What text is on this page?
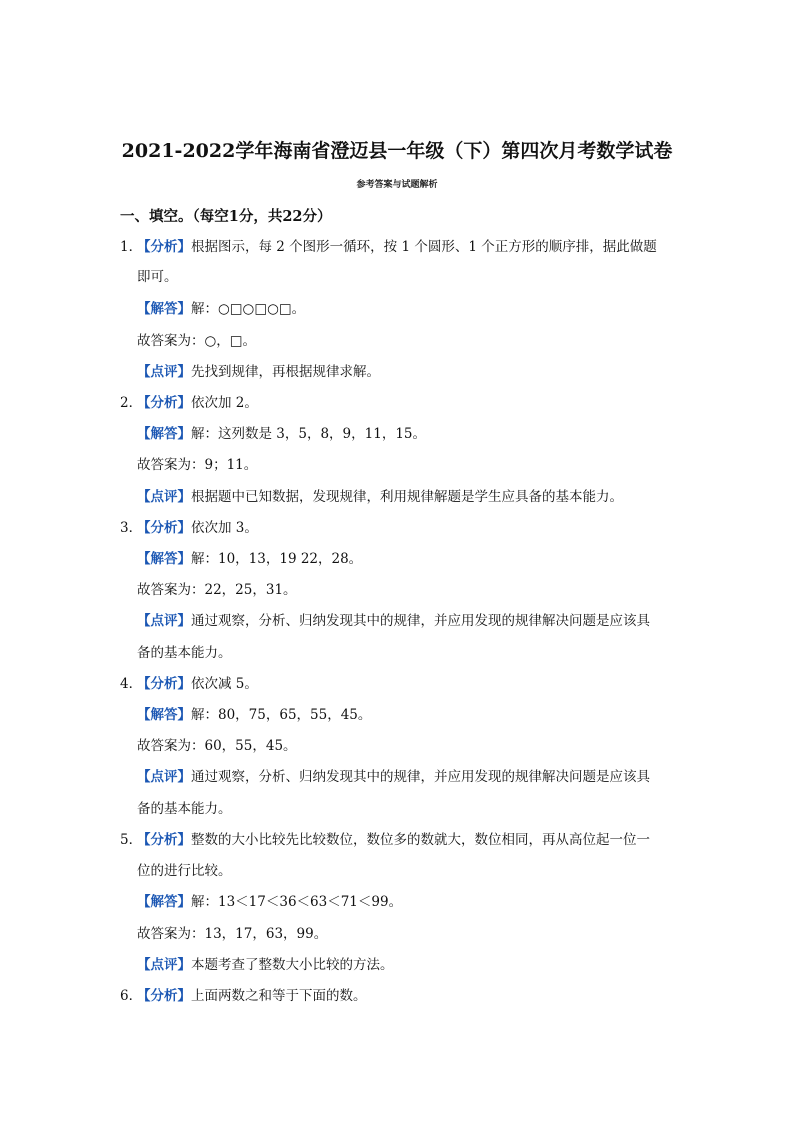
2021-2022学年海南省澄迈县一年级（下）第四次月考数学试卷
参考答案与试题解析
一、填空。（每空1分，共22分）
1．
【分析】根据图示，每 2 个图形一循环，按 1 个圆形、1 个正方形的顺序排，据此做题
即可。
【解答】解：○□○□○□。
故答案为：○，□。
【点评】先找到规律，再根据规律求解。
2．
【分析】依次加 2。
【解答】解：这列数是 3，5，8，9，11，15。
故答案为：9；11。
【点评】根据题中已知数据，发现规律，利用规律解题是学生应具备的基本能力。
3．
【分析】依次加 3。
【解答】解：10，13，19 22，28。
故答案为：22，25，31。
【点评】通过观察，分析、归纳发现其中的规律，并应用发现的规律解决问题是应该具
备的基本能力。
4．
【分析】依次减 5。
【解答】解：80，75，65，55，45。
故答案为：60，55，45。
【点评】通过观察，分析、归纳发现其中的规律，并应用发现的规律解决问题是应该具
备的基本能力。
5．
【分析】整数的大小比较先比较数位，数位多的数就大，数位相同，再从高位起一位一
位的进行比较。
【解答】解：13＜17＜36＜63＜71＜99。
故答案为：13，17，63，99。
【点评】本题考查了整数大小比较的方法。
6．
【分析】上面两数之和等于下面的数。
